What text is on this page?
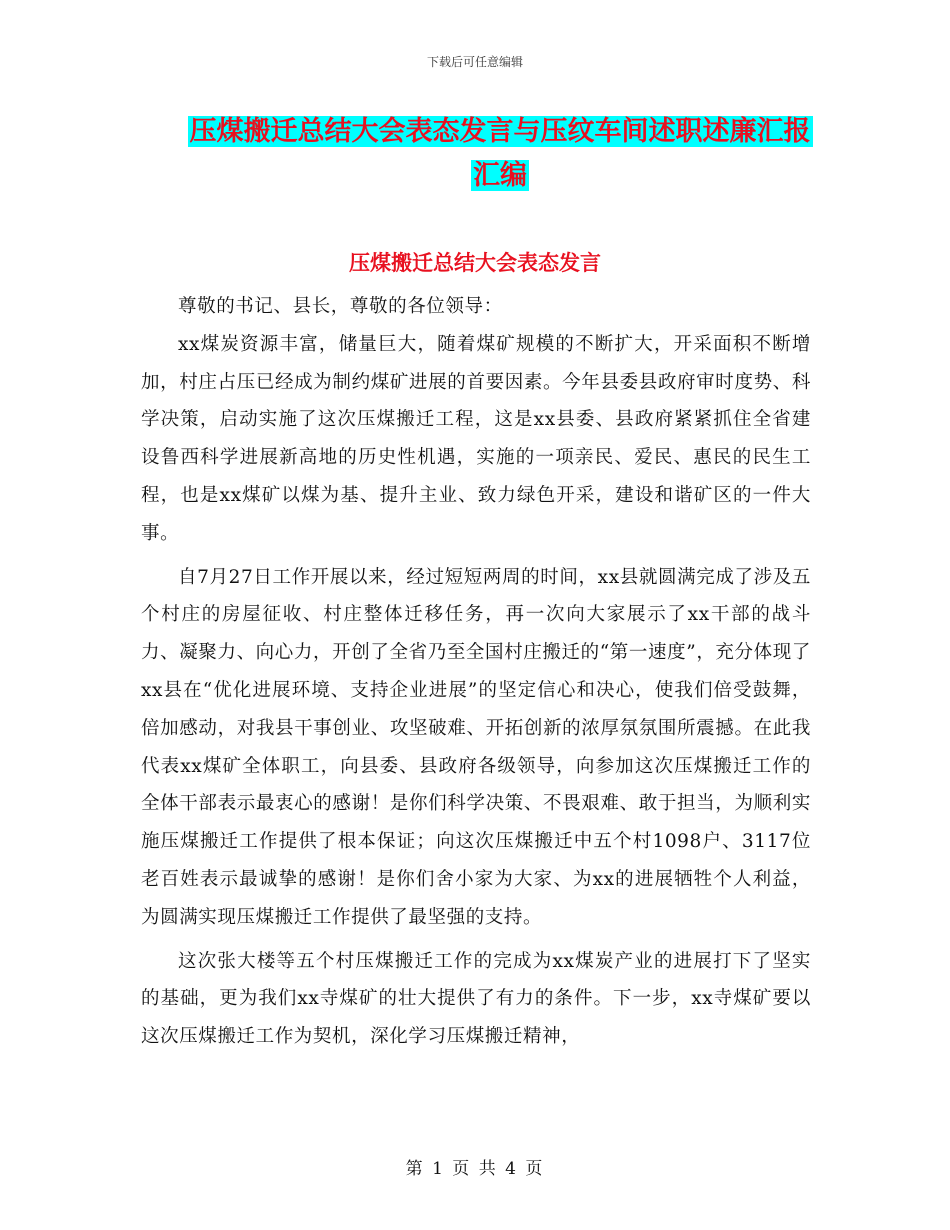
下载后可任意编辑
压煤搬迁总结大会表态发言与压纹车间述职述廉汇报
汇编
压煤搬迁总结大会表态发言

尊敬的书记、县长，尊敬的各位领导：

xx煤炭资源丰富，储量巨大，随着煤矿规模的不断扩大，开采面积不断增加，村庄占压已经成为制约煤矿进展的首要因素。今年县委县政府审时度势、科学决策，启动实施了这次压煤搬迁工程，这是xx县委、县政府紧紧抓住全省建设鲁西科学进展新高地的历史性机遇，实施的一项亲民、爱民、惠民的民生工程，也是xx煤矿以煤为基、提升主业、致力绿色开采，建设和谐矿区的一件大事。

自7月27日工作开展以来，经过短短两周的时间，xx县就圆满完成了涉及五个村庄的房屋征收、村庄整体迁移任务，再一次向大家展示了xx干部的战斗力、凝聚力、向心力，开创了全省乃至全国村庄搬迁的“第一速度”，充分体现了xx县在“优化进展环境、支持企业进展”的坚定信心和决心，使我们倍受鼓舞，倍加感动，对我县干事创业、攻坚破难、开拓创新的浓厚氛氛围所震撼。在此我代表xx煤矿全体职工，向县委、县政府各级领导，向参加这次压煤搬迁工作的全体干部表示最衷心的感谢！是你们科学决策、不畏艰难、敢于担当，为顺利实施压煤搬迁工作提供了根本保证；向这次压煤搬迁中五个村1098户、3117位老百姓表示最诚挚的感谢！是你们舍小家为大家、为xx的进展牺牲个人利益，为圆满实现压煤搬迁工作提供了最坚强的支持。

这次张大楼等五个村压煤搬迁工作的完成为xx煤炭产业的进展打下了坚实的基础，更为我们xx寺煤矿的壮大提供了有力的条件。下一步，xx寺煤矿要以这次压煤搬迁工作为契机，深化学习压煤搬迁精神，

第 1 页 共 4 页
